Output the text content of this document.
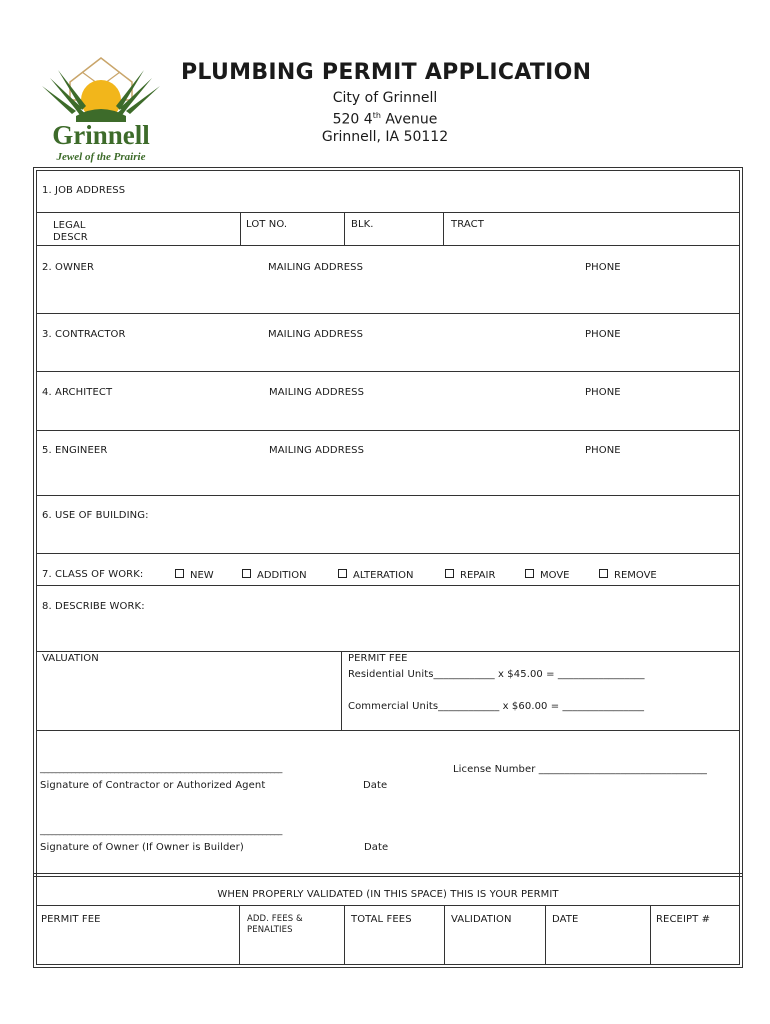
Grinnell
Jewel of the Prairie
PLUMBING PERMIT APPLICATION
City of Grinnell
520 4th Avenue
Grinnell, IA 50112
1. JOB ADDRESS
LEGAL
DESCR
LOT NO.	BLK.	TRACT
2. OWNER	MAILING ADDRESS	PHONE
3. CONTRACTOR	MAILING ADDRESS	PHONE
4. ARCHITECT	MAILING ADDRESS	PHONE
5. ENGINEER	MAILING ADDRESS	PHONE
6. USE OF BUILDING:
7. CLASS OF WORK:	NEW	ADDITION	ALTERATION	REPAIR	MOVE	REMOVE
8. DESCRIBE WORK:
VALUATION	PERMIT FEE
Residential Units____________ x $45.00 = _________________
Commercial Units____________ x $60.00 = ________________
______________________________________________________________	License Number _________________________________
Signature of Contractor or Authorized Agent	Date
______________________________________________________________
Signature of Owner (If Owner is Builder)	Date
WHEN PROPERLY VALIDATED (IN THIS SPACE) THIS IS YOUR PERMIT
PERMIT FEE	ADD. FEES &
PENALTIES
TOTAL FEES	VALIDATION	DATE	RECEIPT #
